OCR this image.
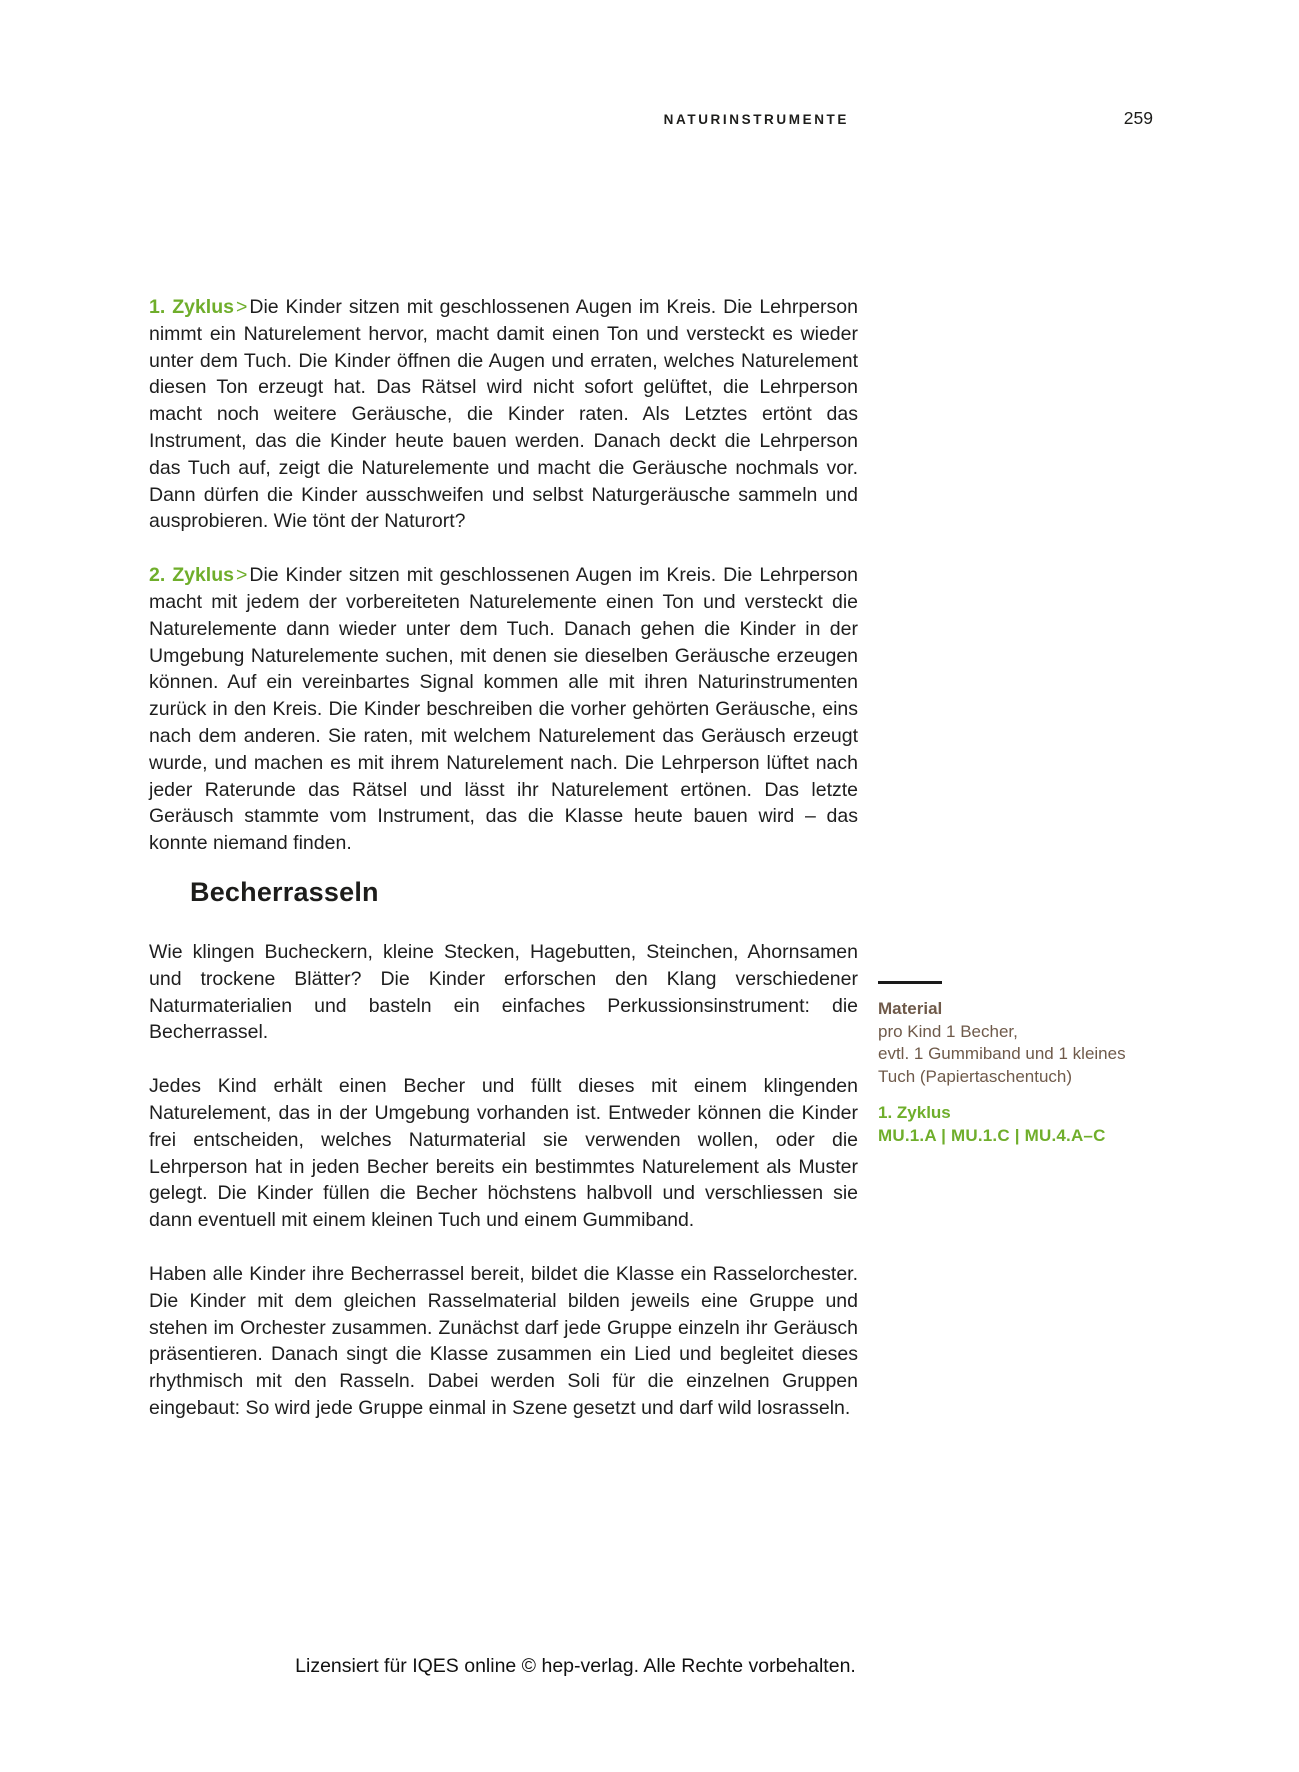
NATURINSTRUMENTE	259

1. Zyklus > Die Kinder sitzen mit geschlossenen Augen im Kreis. Die Lehrperson nimmt ein Naturelement hervor, macht damit einen Ton und versteckt es wieder unter dem Tuch. Die Kinder öffnen die Augen und erraten, welches Naturelement diesen Ton erzeugt hat. Das Rätsel wird nicht sofort gelüftet, die Lehrperson macht noch weitere Geräusche, die Kinder raten. Als Letztes ertönt das Instrument, das die Kinder heute bauen werden. Danach deckt die Lehrperson das Tuch auf, zeigt die Naturelemente und macht die Geräusche nochmals vor. Dann dürfen die Kinder ausschweifen und selbst Naturgeräusche sammeln und ausprobieren. Wie tönt der Naturort?

2. Zyklus > Die Kinder sitzen mit geschlossenen Augen im Kreis. Die Lehrperson macht mit jedem der vorbereiteten Naturelemente einen Ton und versteckt die Naturelemente dann wieder unter dem Tuch. Danach gehen die Kinder in der Umgebung Naturelemente suchen, mit denen sie dieselben Geräusche erzeugen können. Auf ein vereinbartes Signal kommen alle mit ihren Naturinstrumenten zurück in den Kreis. Die Kinder beschreiben die vorher gehörten Geräusche, eins nach dem anderen. Sie raten, mit welchem Naturelement das Geräusch erzeugt wurde, und machen es mit ihrem Naturelement nach. Die Lehrperson lüftet nach jeder Raterunde das Rätsel und lässt ihr Naturelement ertönen. Das letzte Geräusch stammte vom Instrument, das die Klasse heute bauen wird – das konnte niemand finden.

Becherrasseln

Wie klingen Bucheckern, kleine Stecken, Hagebutten, Steinchen, Ahornsamen und trockene Blätter? Die Kinder erforschen den Klang verschiedener Naturmaterialien und basteln ein einfaches Perkussionsinstrument: die Becherrassel.

Jedes Kind erhält einen Becher und füllt dieses mit einem klingenden Naturelement, das in der Umgebung vorhanden ist. Entweder können die Kinder frei entscheiden, welches Naturmaterial sie verwenden wollen, oder die Lehrperson hat in jeden Becher bereits ein bestimmtes Naturelement als Muster gelegt. Die Kinder füllen die Becher höchstens halbvoll und verschliessen sie dann eventuell mit einem kleinen Tuch und einem Gummiband.

Haben alle Kinder ihre Becherrassel bereit, bildet die Klasse ein Rasselorchester. Die Kinder mit dem gleichen Rasselmaterial bilden jeweils eine Gruppe und stehen im Orchester zusammen. Zunächst darf jede Gruppe einzeln ihr Geräusch präsentieren. Danach singt die Klasse zusammen ein Lied und begleitet dieses rhythmisch mit den Rasseln. Dabei werden Soli für die einzelnen Gruppen eingebaut: So wird jede Gruppe einmal in Szene gesetzt und darf wild losrasseln.

Material
pro Kind 1 Becher,
evtl. 1 Gummiband und 1 kleines
Tuch (Papiertaschentuch)
1. Zyklus
MU.1.A | MU.1.C | MU.4.A–C
Lizensiert für IQES online © hep-verlag. Alle Rechte vorbehalten.
